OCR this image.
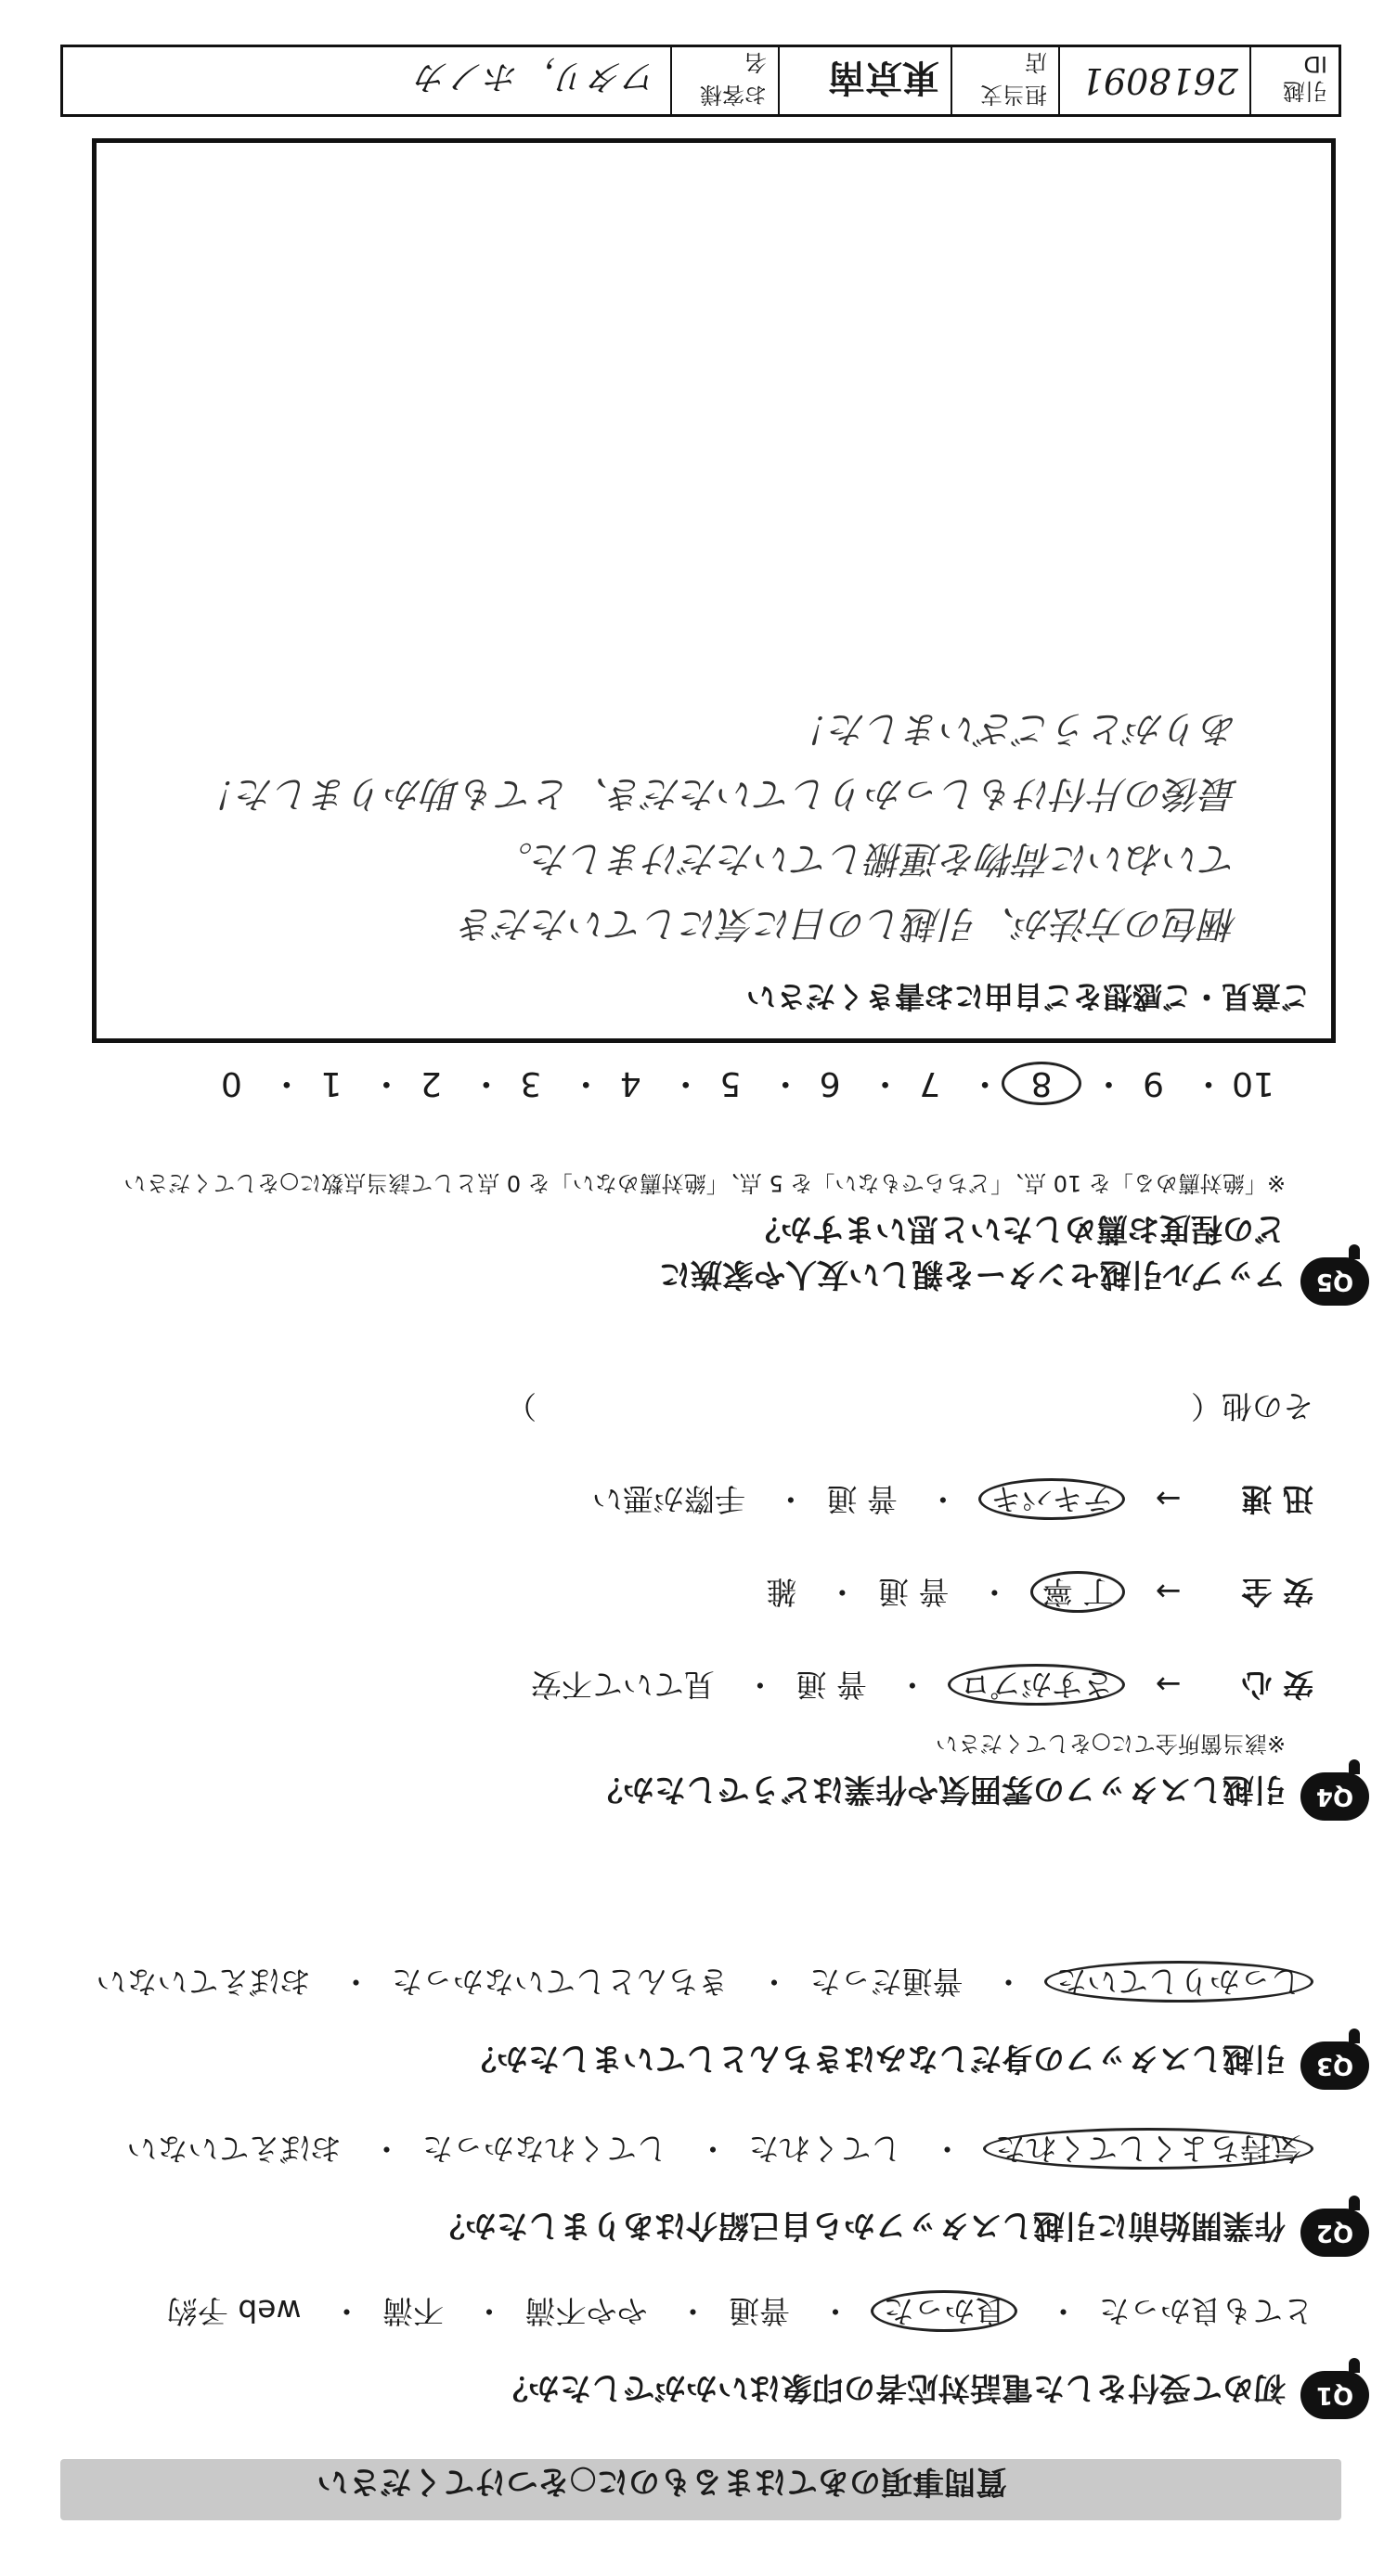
質問事項のあてはまるものに○をつけてください
Q1
初めて受付をした電話対応者の印象はいかがでしたか？
とても良かった・ 良かった・ 普通・ やや不満・ 不満・ web 予約
Q2
作業開始前に引越しスタッフから自己紹介はありましたか？
気持ちよくしてくれた・ してくれた・ してくれなかった・ おぼえていない
Q3
引越しスタッフの身だしなみはきちんとしていましたか？
しっかりしていた・ 普通だった・ きちんとしていなかった・ おぼえていない
Q4
引越しスタッフの雰囲気や作業はどうでしたか？
※該当箇所全てに○をしてください
安 心 → さすがプロ・ 普 通・ 見ていて不安
安 全 → 丁 寧・ 普 通・ 雑
迅 速 → テキパキ・ 普 通・ 手際が悪い
その他（  ）
Q5
アップル引越センターを親しい友人や家族に
どの程度お薦めしたいと思いますか？
※「絶対薦める」を 10 点、「どちらでもない」を 5 点、「絶対薦めない」を 0 点として該当点数に○をしてください
10・ 9・ 8・ 7・ 6・ 5・ 4・ 3・ 2・ 1・ 0
ご意見・ご感想をご自由にお書きください
梱包の方法が、引越しの日に気にしていただき
ていねいに荷物を運搬していただけました。
最後の片付けもしっかりしていただき、とても助かりました！
ありがとうございました！
引越 ID
2618091
担当支店
東京南
お客様名
ワタリ，ホノカ
